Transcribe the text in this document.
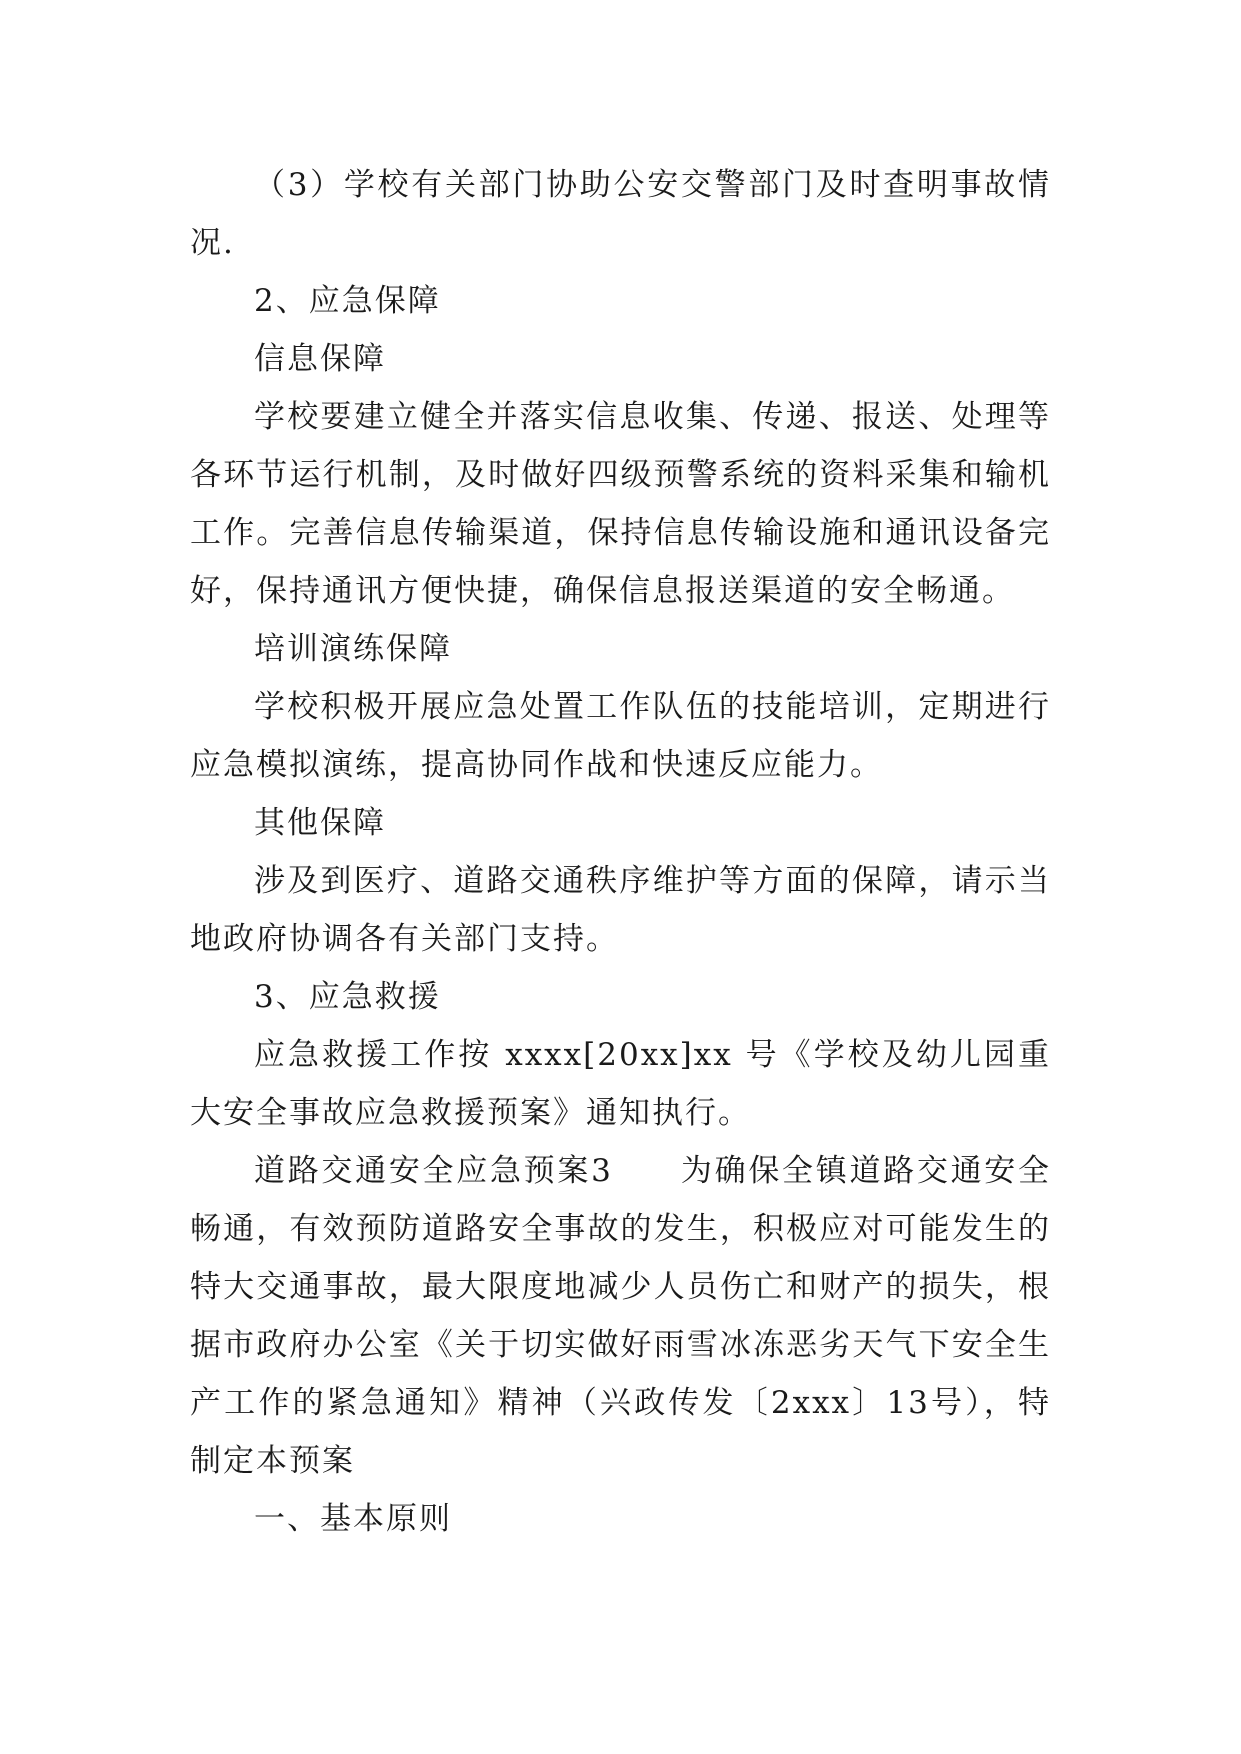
（3）学校有关部门协助公安交警部门及时查明事故情况.

2、应急保障

信息保障

学校要建立健全并落实信息收集、传递、报送、处理等各环节运行机制，及时做好四级预警系统的资料采集和输机工作。完善信息传输渠道，保持信息传输设施和通讯设备完好，保持通讯方便快捷，确保信息报送渠道的安全畅通。

培训演练保障

学校积极开展应急处置工作队伍的技能培训，定期进行应急模拟演练，提高协同作战和快速反应能力。

其他保障

涉及到医疗、道路交通秩序维护等方面的保障，请示当地政府协调各有关部门支持。

3、应急救援

应急救援工作按 xxxx[20xx]xx 号《学校及幼儿园重大安全事故应急救援预案》通知执行。

道路交通安全应急预案3　　为确保全镇道路交通安全畅通，有效预防道路安全事故的发生，积极应对可能发生的特大交通事故，最大限度地减少人员伤亡和财产的损失，根据市政府办公室《关于切实做好雨雪冰冻恶劣天气下安全生产工作的紧急通知》精神（兴政传发〔2xxx〕13号），特制定本预案

一、基本原则
